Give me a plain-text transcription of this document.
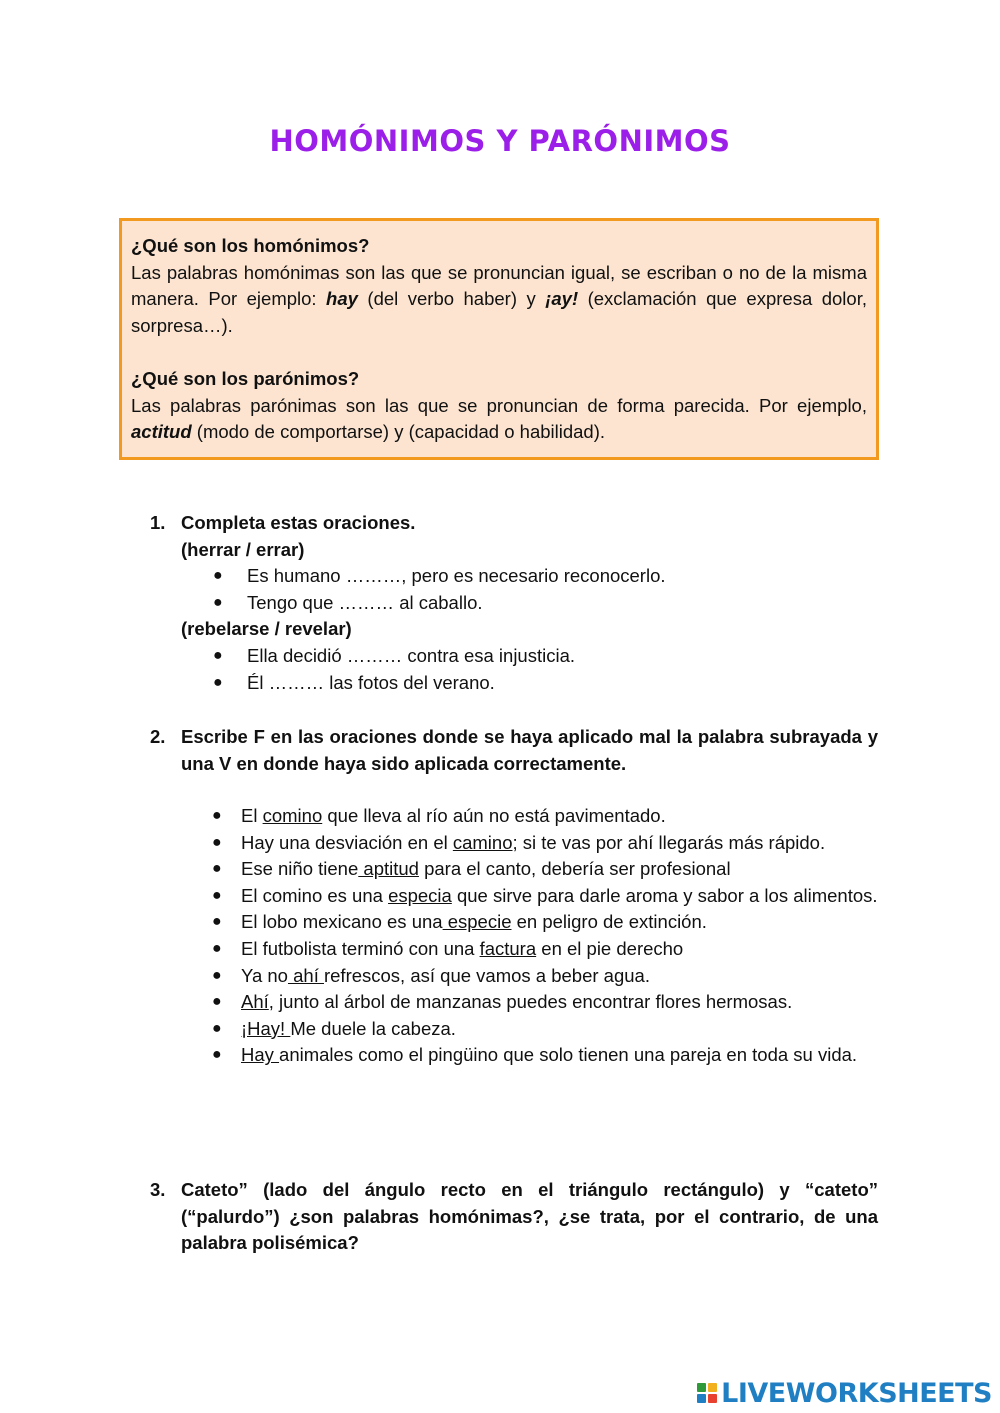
HOMÓNIMOS Y PARÓNIMOS

¿Qué son los homónimos?

Las palabras homónimas son las que se pronuncian igual, se escriban o no de la misma manera. Por ejemplo: hay (del verbo haber) y ¡ay! (exclamación que expresa dolor, sorpresa…).

¿Qué son los parónimos?

Las palabras parónimas son las que se pronuncian de forma parecida. Por ejemplo, actitud (modo de comportarse) y (capacidad o habilidad).

1. Completa estas oraciones.
(herrar / errar)
● Es humano ………, pero es necesario reconocerlo.
● Tengo que ……… al caballo.
(rebelarse / revelar)
● Ella decidió ……… contra esa injusticia.
● Él ……… las fotos del verano.
2. Escribe F en las oraciones donde se haya aplicado mal la palabra subrayada y una V en donde haya sido aplicada correctamente.
● El comino que lleva al río aún no está pavimentado.
● Hay una desviación en el camino; si te vas por ahí llegarás más rápido.
● Ese niño tiene aptitud para el canto, debería ser profesional
● El comino es una especia que sirve para darle aroma y sabor a los alimentos.
● El lobo mexicano es una especie en peligro de extinción.
● El futbolista terminó con una factura en el pie derecho
● Ya no ahí refrescos, así que vamos a beber agua.
● Ahí, junto al árbol de manzanas puedes encontrar flores hermosas.
● ¡Hay! Me duele la cabeza.
● Hay animales como el pingüino que solo tienen una pareja en toda su vida.
3. Cateto” (lado del ángulo recto en el triángulo rectángulo) y “cateto” (“palurdo”) ¿son palabras homónimas?, ¿se trata, por el contrario, de una palabra polisémica?
LIVEWORKSHEETS
